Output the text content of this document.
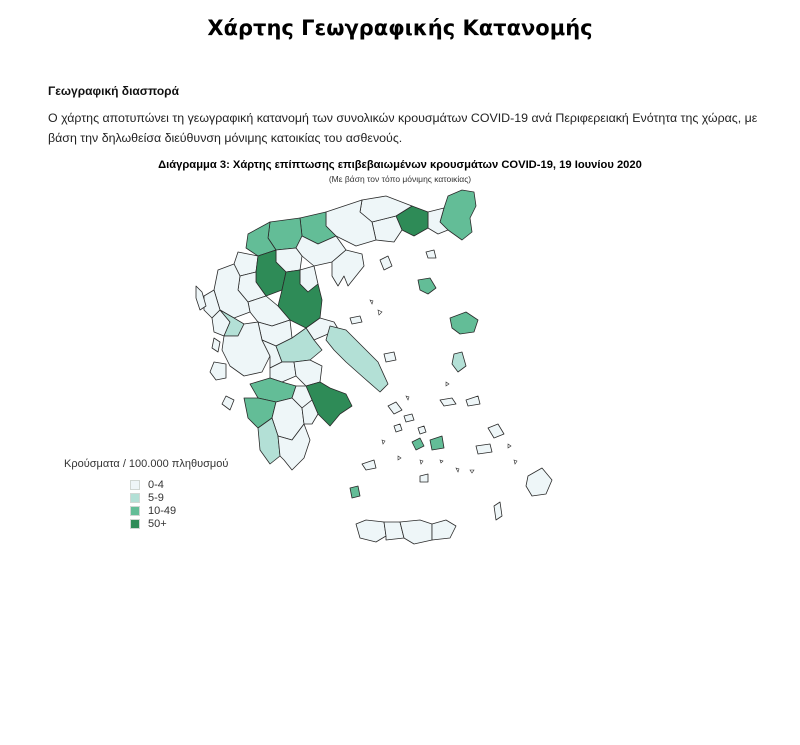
Χάρτης Γεωγραφικής Κατανομής
Γεωγραφική διασπορά
Ο χάρτης αποτυπώνει τη γεωγραφική κατανομή των συνολικών κρουσμάτων COVID-19 ανά Περιφερειακή Ενότητα της χώρας, με βάση την δηλωθείσα διεύθυνση μόνιμης κατοικίας του ασθενούς.
Διάγραμμα 3: Χάρτης επίπτωσης επιβεβαιωμένων κρουσμάτων COVID-19, 19 Ιουνίου 2020
(Με βάση τον τόπο μόνιμης κατοικίας)
Κρούσματα / 100.000 πληθυσμού
0-4
5-9
10-49
50+
